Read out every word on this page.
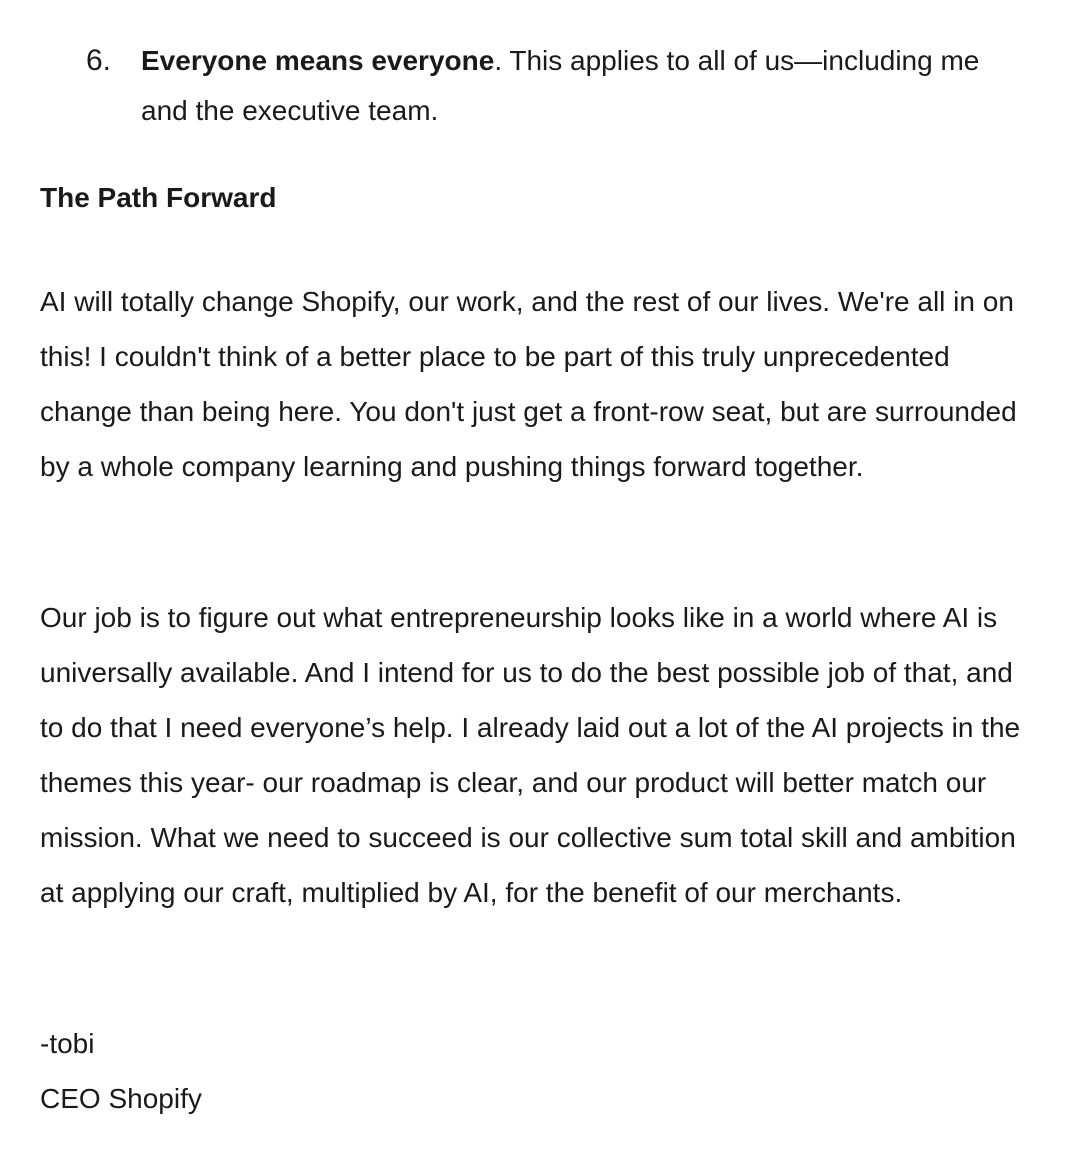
6.	Everyone means everyone. This applies to all of us—including me and the executive team.
The Path Forward

AI will totally change Shopify, our work, and the rest of our lives. We're all in on this! I couldn't think of a better place to be part of this truly unprecedented change than being here. You don't just get a front-row seat, but are surrounded by a whole company learning and pushing things forward together.

Our job is to figure out what entrepreneurship looks like in a world where AI is universally available. And I intend for us to do the best possible job of that, and to do that I need everyone’s help. I already laid out a lot of the AI projects in the themes this year- our roadmap is clear, and our product will better match our mission. What we need to succeed is our collective sum total skill and ambition at applying our craft, multiplied by AI, for the benefit of our merchants.

-tobi
CEO Shopify
